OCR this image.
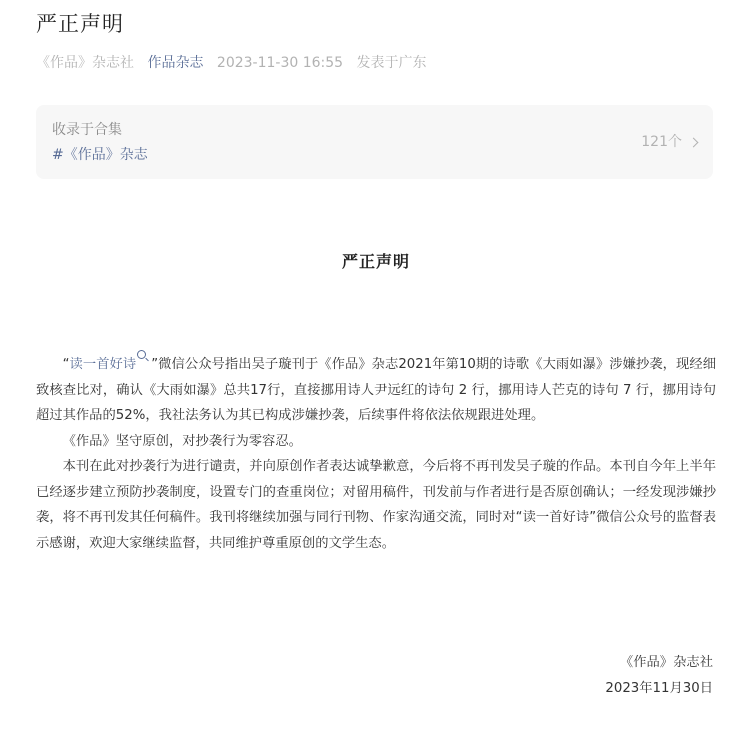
严正声明
《作品》杂志社 作品杂志 2023-11-30 16:55 发表于广东
收录于合集
#《作品》杂志
121个
严正声明

“读一首好诗 ”微信公众号指出吴子璇刊于《作品》杂志2021年第10期的诗歌《大雨如瀑》涉嫌抄袭，现经细致核查比对，确认《大雨如瀑》总共17行，直接挪用诗人尹远红的诗句 2 行，挪用诗人芒克的诗句 7 行，挪用诗句超过其作品的52%，我社法务认为其已构成涉嫌抄袭，后续事件将依法依规跟进处理。

《作品》坚守原创，对抄袭行为零容忍。

本刊在此对抄袭行为进行谴责，并向原创作者表达诚挚歉意，今后将不再刊发吴子璇的作品。本刊自今年上半年已经逐步建立预防抄袭制度，设置专门的查重岗位；对留用稿件，刊发前与作者进行是否原创确认；一经发现涉嫌抄袭，将不再刊发其任何稿件。我刊将继续加强与同行刊物、作家沟通交流，同时对“读一首好诗”微信公众号的监督表示感谢，欢迎大家继续监督，共同维护尊重原创的文学生态。

《作品》杂志社
2023年11月30日
